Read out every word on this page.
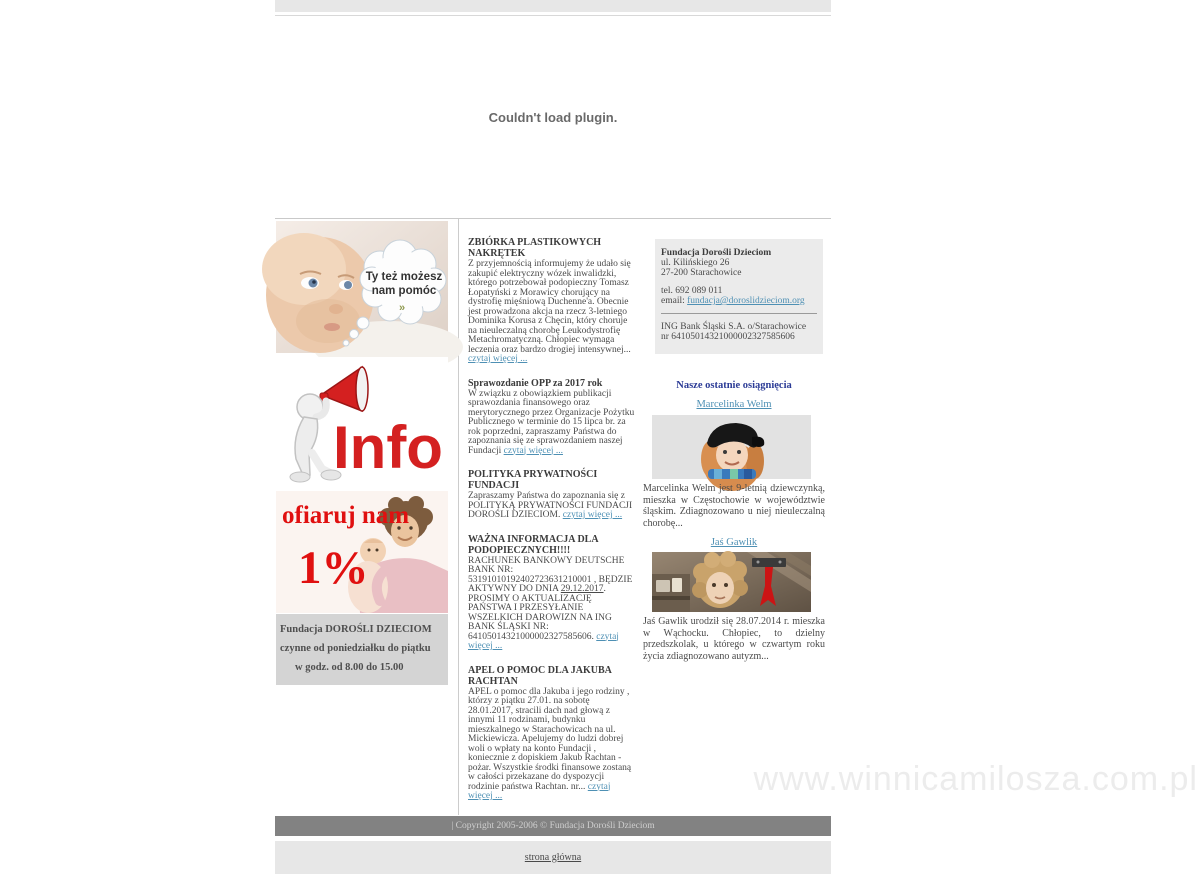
Couldn't load plugin.
Ty też możesz
nam pomóc
»
Info
ofiaruj nam
1%
Fundacja DOROŚLI DZIECIOM
czynne od poniedziałku do piątku
w godz. od 8.00 do 15.00
ZBIÓRKA PLASTIKOWYCH NAKRĘTEK
Z przyjemnością informujemy że udało się zakupić elektryczny wózek inwalidzki, którego potrzebował podopieczny Tomasz Łopatyński z Morawicy chorujący na dystrofię mięśniową Duchenne'a. Obecnie jest prowadzona akcja na rzecz 3-letniego Dominika Korusa z Chęcin, który choruje na nieuleczalną chorobę Leukodystrofię Metachromatyczną. Chłopiec wymaga leczenia oraz bardzo drogiej intensywnej... czytaj więcej ...
Sprawozdanie OPP za 2017 rok
W związku z obowiązkiem publikacji sprawozdania finansowego oraz merytorycznego przez Organizacje Pożytku Publicznego w terminie do 15 lipca br. za rok poprzedni, zapraszamy Państwa do zapoznania się ze sprawozdaniem naszej Fundacji czytaj więcej ...
POLITYKA PRYWATNOŚCI FUNDACJI
Zapraszamy Państwa do zapoznania się z POLITYKĄ PRYWATNOŚCI FUNDACJI DOROŚLI DZIECIOM. czytaj więcej ...
WAŻNA INFORMACJA DLA PODOPIECZNYCH!!!!
RACHUNEK BANKOWY DEUTSCHE BANK NR: 53191010192402723631210001 , BĘDZIE AKTYWNY DO DNIA 29.12.2017. PROSIMY O AKTUALIZACJĘ PAŃSTWA I PRZESYŁANIE WSZELKICH DAROWIZN NA ING BANK ŚLĄSKI NR: 64105014321000002327585606. czytaj więcej ...
APEL O POMOC DLA JAKUBA RACHTAN
APEL o pomoc dla Jakuba i jego rodziny , którzy z piątku 27.01. na sobotę 28.01.2017, stracili dach nad głową z innymi 11 rodzinami, budynku mieszkalnego w Starachowicach na ul. Mickiewicza. Apelujemy do ludzi dobrej woli o wpłaty na konto Fundacji , koniecznie z dopiskiem Jakub Rachtan - pożar. Wszystkie środki finansowe zostaną w całości przekazane do dyspozycji rodzinie państwa Rachtan. nr... czytaj więcej ...
Fundacja Dorośli Dzieciom
ul. Kilińskiego 26
27-200 Starachowice
tel. 692 089 011
email: fundacja@doroslidzieciom.org
ING Bank Śląski S.A. o/Starachowice
nr 64105014321000002327585606
Nasze ostatnie osiągnięcia
Marcelinka Welm
Marcelinka Welm jest 9-letnią dziewczynką, mieszka w Częstochowie w województwie śląskim. Zdiagnozowano u niej nieuleczalną chorobę...
Jaś Gawlik
Jaś Gawlik urodził się 28.07.2014 r. mieszka w Wąchocku. Chłopiec, to dzielny przedszkolak, u którego w czwartym roku życia zdiagnozowano autyzm...
| Copyright 2005-2006 © Fundacja Dorośli Dzieciom
strona główna
www.winnicamilosza.com.pl
